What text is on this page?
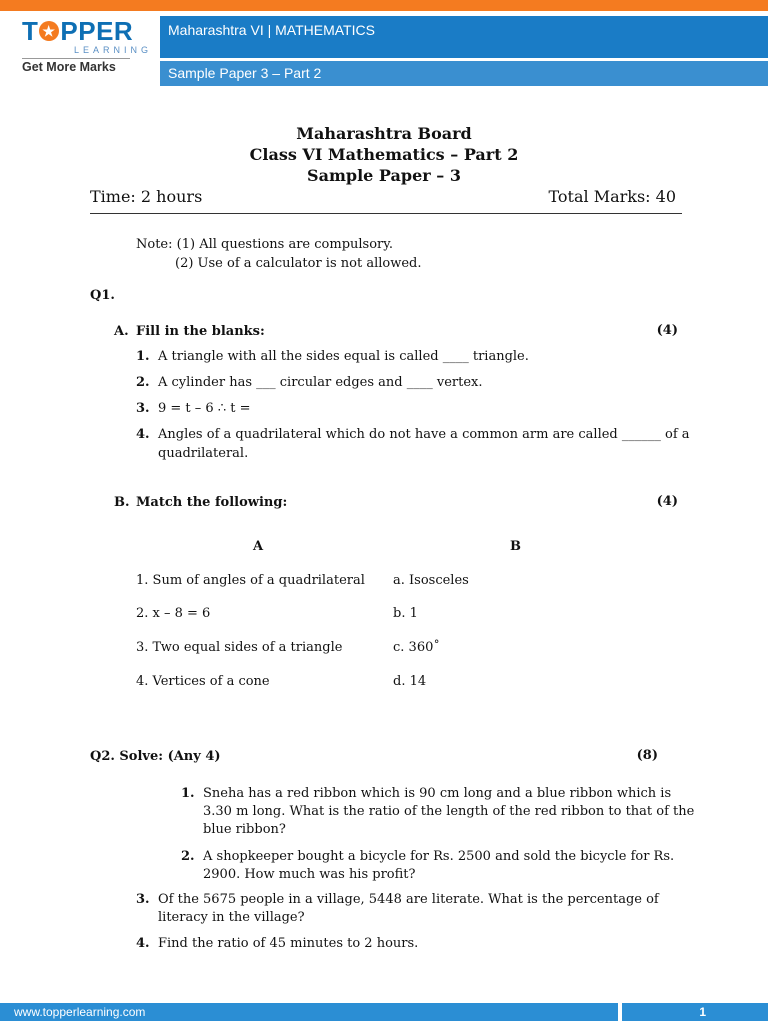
T★ PPER
LEARNING
Get More Marks
Maharashtra VI | MATHEMATICS
Sample Paper 3 – Part 2
Maharashtra Board
Class VI Mathematics – Part 2
Sample Paper – 3
Time: 2 hours	Total Marks: 40
Note: (1) All questions are compulsory.
(2) Use of a calculator is not allowed.
Q1.
A. Fill in the blanks:	(4)
1. A triangle with all the sides equal is called ____ triangle.
2. A cylinder has ___ circular edges and ____ vertex.
3. 9 = t – 6 ∴ t =
4. Angles of a quadrilateral which do not have a common arm are called ______ of a
quadrilateral.
B. Match the following:	(4)
A	B
1. Sum of angles of a quadrilateral a. Isosceles
2. x – 8 = 6	b. 1
3. Two equal sides of a triangle	c. 360˚
4. Vertices of a cone	d. 14
Q2. Solve: (Any 4)	(8)
1. Sneha has a red ribbon which is 90 cm long and a blue ribbon which is
3.30 m long. What is the ratio of the length of the red ribbon to that of the
blue ribbon?
2. A shopkeeper bought a bicycle for Rs. 2500 and sold the bicycle for Rs.
2900. How much was his profit?
3. Of the 5675 people in a village, 5448 are literate. What is the percentage of
literacy in the village?
4. Find the ratio of 45 minutes to 2 hours.
www.topperlearning.com	1
